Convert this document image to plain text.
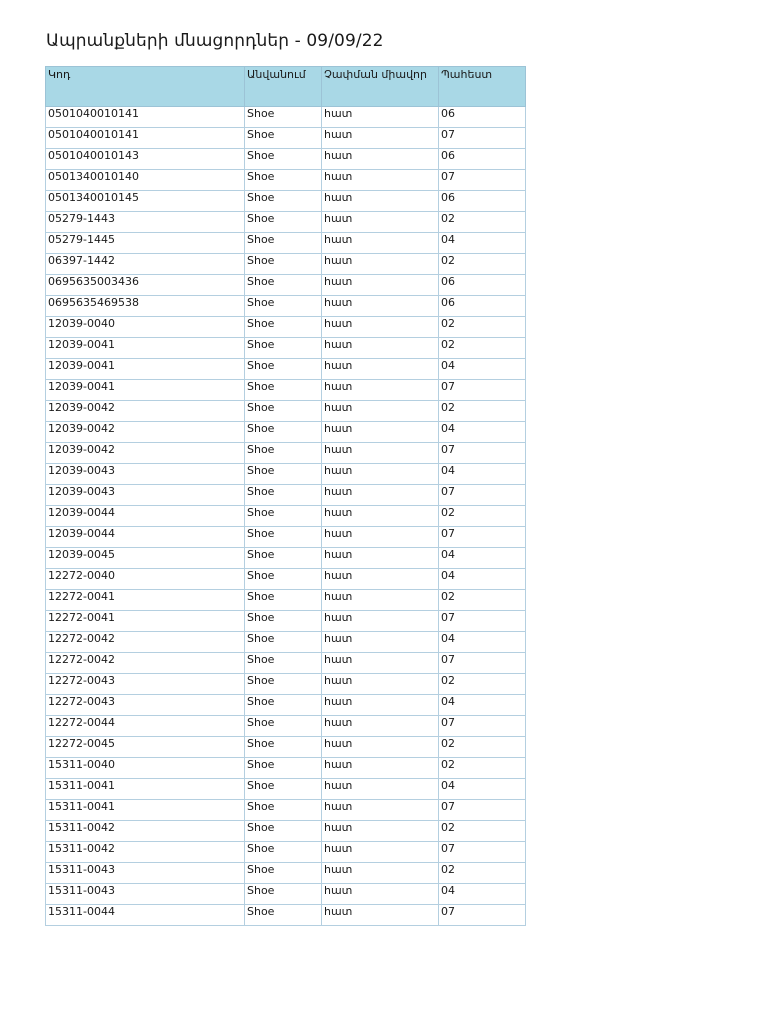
Ապրանքների մնացորդներ - 09/09/22
Կոդ	Անվանում	Չափման միավոր	Պահեստ
0501040010141	Shoe	հատ	06
0501040010141	Shoe	հատ	07
0501040010143	Shoe	հատ	06
0501340010140	Shoe	հատ	07
0501340010145	Shoe	հատ	06
05279-1443	Shoe	հատ	02
05279-1445	Shoe	հատ	04
06397-1442	Shoe	հատ	02
0695635003436	Shoe	հատ	06
0695635469538	Shoe	հատ	06
12039-0040	Shoe	հատ	02
12039-0041	Shoe	հատ	02
12039-0041	Shoe	հատ	04
12039-0041	Shoe	հատ	07
12039-0042	Shoe	հատ	02
12039-0042	Shoe	հատ	04
12039-0042	Shoe	հատ	07
12039-0043	Shoe	հատ	04
12039-0043	Shoe	հատ	07
12039-0044	Shoe	հատ	02
12039-0044	Shoe	հատ	07
12039-0045	Shoe	հատ	04
12272-0040	Shoe	հատ	04
12272-0041	Shoe	հատ	02
12272-0041	Shoe	հատ	07
12272-0042	Shoe	հատ	04
12272-0042	Shoe	հատ	07
12272-0043	Shoe	հատ	02
12272-0043	Shoe	հատ	04
12272-0044	Shoe	հատ	07
12272-0045	Shoe	հատ	02
15311-0040	Shoe	հատ	02
15311-0041	Shoe	հատ	04
15311-0041	Shoe	հատ	07
15311-0042	Shoe	հատ	02
15311-0042	Shoe	հատ	07
15311-0043	Shoe	հատ	02
15311-0043	Shoe	հատ	04
15311-0044	Shoe	հատ	07
